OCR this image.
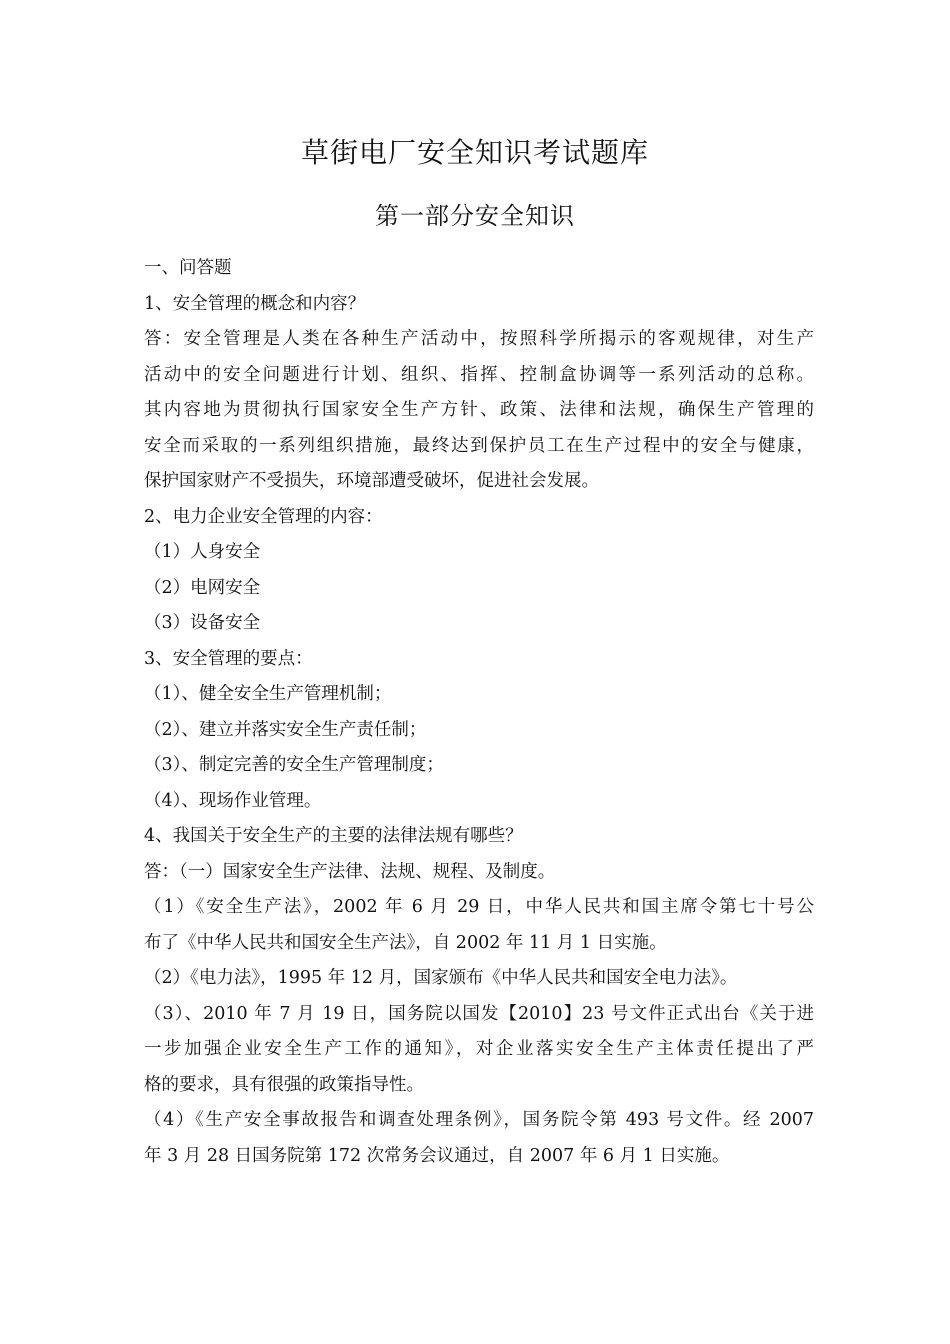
草街电厂安全知识考试题库
第一部分安全知识
一、问答题
1、安全管理的概念和内容？
答：安全管理是人类在各种生产活动中，按照科学所揭示的客观规律，对生产
活动中的安全问题进行计划、组织、指挥、控制盒协调等一系列活动的总称。
其内容地为贯彻执行国家安全生产方针、政策、法律和法规，确保生产管理的
安全而采取的一系列组织措施，最终达到保护员工在生产过程中的安全与健康，
保护国家财产不受损失，环境部遭受破坏，促进社会发展。
2、电力企业安全管理的内容：
（1）人身安全
（2）电网安全
（3）设备安全
3、安全管理的要点：
（1）、健全安全生产管理机制；
（2）、建立并落实安全生产责任制；
（3）、制定完善的安全生产管理制度；
（4）、现场作业管理。
4、我国关于安全生产的主要的法律法规有哪些？
答：（一）国家安全生产法律、法规、规程、及制度。
（1）《安全生产法》，2002 年 6 月 29 日，中华人民共和国主席令第七十号公
布了《中华人民共和国安全生产法》，自 2002 年 11 月 1 日实施。
（2）《电力法》，1995 年 12 月，国家颁布《中华人民共和国安全电力法》。
（3）、2010 年 7 月 19 日，国务院以国发【2010】23 号文件正式出台《关于进
一步加强企业安全生产工作的通知》，对企业落实安全生产主体责任提出了严
格的要求，具有很强的政策指导性。
（4）《生产安全事故报告和调查处理条例》，国务院令第 493 号文件。经 2007
年 3 月 28 日国务院第 172 次常务会议通过，自 2007 年 6 月 1 日实施。
